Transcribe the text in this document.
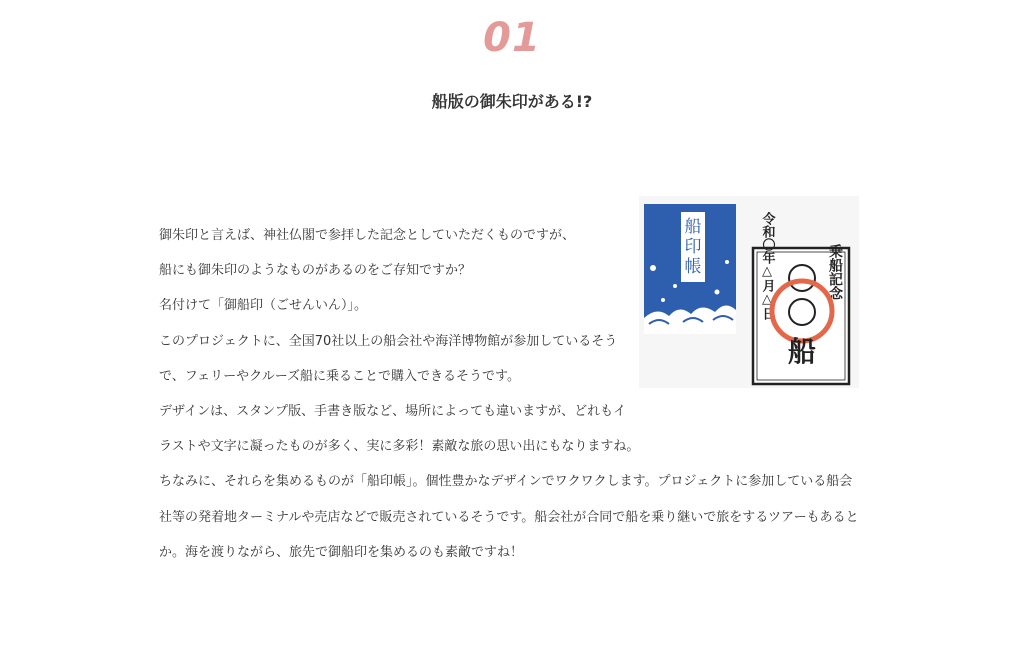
01
船版の御朱印がある!?
船
印
帳	乗船記念
令和〇年△月△日
船

御朱印と言えば、神社仏閣で参拝した記念としていただくものですが、

船にも御朱印のようなものがあるのをご存知ですか？

名付けて「御船印（ごせんいん）」。

このプロジェクトに、全国70社以上の船会社や海洋博物館が参加しているそうで、フェリーやクルーズ船に乗ることで購入できるそうです。

デザインは、スタンプ版、手書き版など、場所によっても違いますが、どれもイラストや文字に凝ったものが多く、実に多彩！素敵な旅の思い出にもなりますね。

ちなみに、それらを集めるものが「船印帳」。個性豊かなデザインでワクワクします。プロジェクトに参加している船会社等の発着地ターミナルや売店などで販売されているそうです。船会社が合同で船を乗り継いで旅をするツアーもあるとか。海を渡りながら、旅先で御船印を集めるのも素敵ですね！
